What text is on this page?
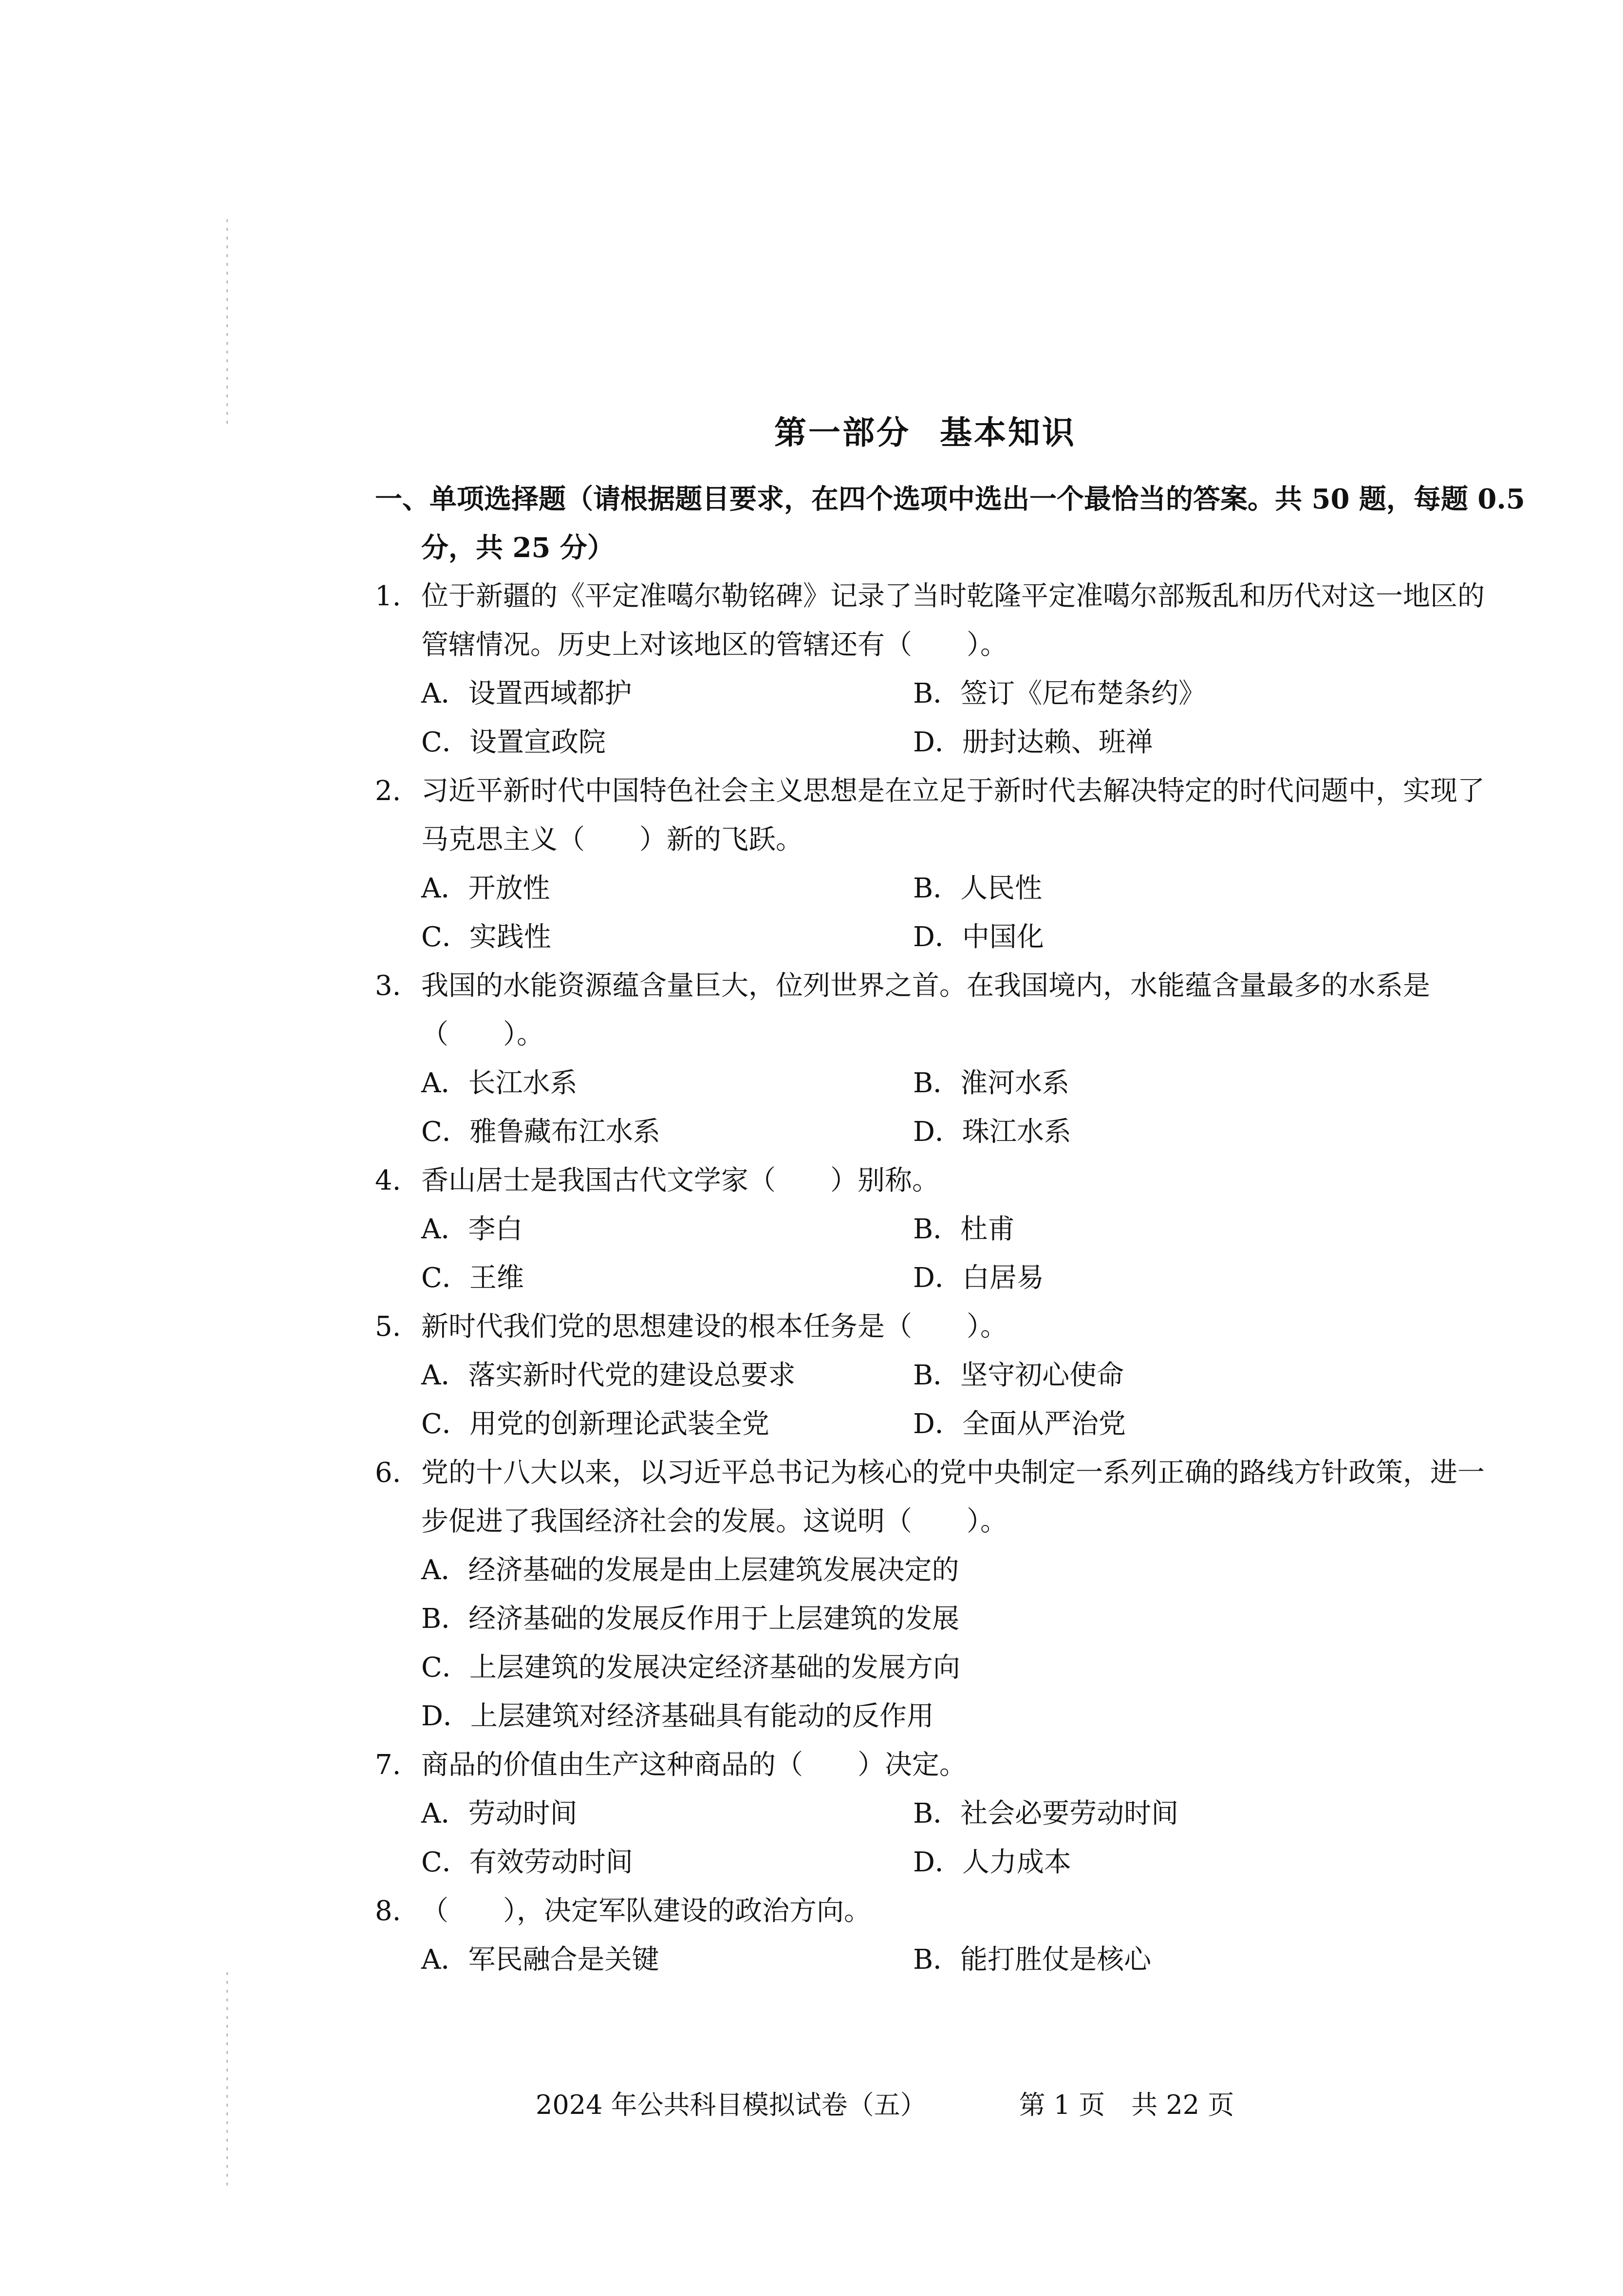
第一部分 基本知识
一、单项选择题（请根据题目要求，在四个选项中选出一个最恰当的答案。共 50 题，每题 0.5
分，共 25 分）
1. 位于新疆的《平定准噶尔勒铭碑》记录了当时乾隆平定准噶尔部叛乱和历代对这一地区的
管辖情况。历史上对该地区的管辖还有（　　）。
A．设置西域都护	B．签订《尼布楚条约》
C．设置宣政院	D．册封达赖、班禅
2. 习近平新时代中国特色社会主义思想是在立足于新时代去解决特定的时代问题中，实现了
马克思主义（　　）新的飞跃。
A．开放性	B．人民性
C．实践性	D．中国化
3. 我国的水能资源蕴含量巨大，位列世界之首。在我国境内，水能蕴含量最多的水系是
（　　）。
A．长江水系	B．淮河水系
C．雅鲁藏布江水系	D．珠江水系
4. 香山居士是我国古代文学家（　　）别称。
A．李白	B．杜甫
C．王维	D．白居易
5. 新时代我们党的思想建设的根本任务是（　　）。
A．落实新时代党的建设总要求	B．坚守初心使命
C．用党的创新理论武装全党	D．全面从严治党
6. 党的十八大以来，以习近平总书记为核心的党中央制定一系列正确的路线方针政策，进一
步促进了我国经济社会的发展。这说明（　　）。
A．经济基础的发展是由上层建筑发展决定的
B．经济基础的发展反作用于上层建筑的发展
C．上层建筑的发展决定经济基础的发展方向
D．上层建筑对经济基础具有能动的反作用
7. 商品的价值由生产这种商品的（　　）决定。
A．劳动时间	B．社会必要劳动时间
C．有效劳动时间	D．人力成本
8. （　　），决定军队建设的政治方向。
A．军民融合是关键	B．能打胜仗是核心
2024 年公共科目模拟试卷（五）	第 1 页　共 22 页
